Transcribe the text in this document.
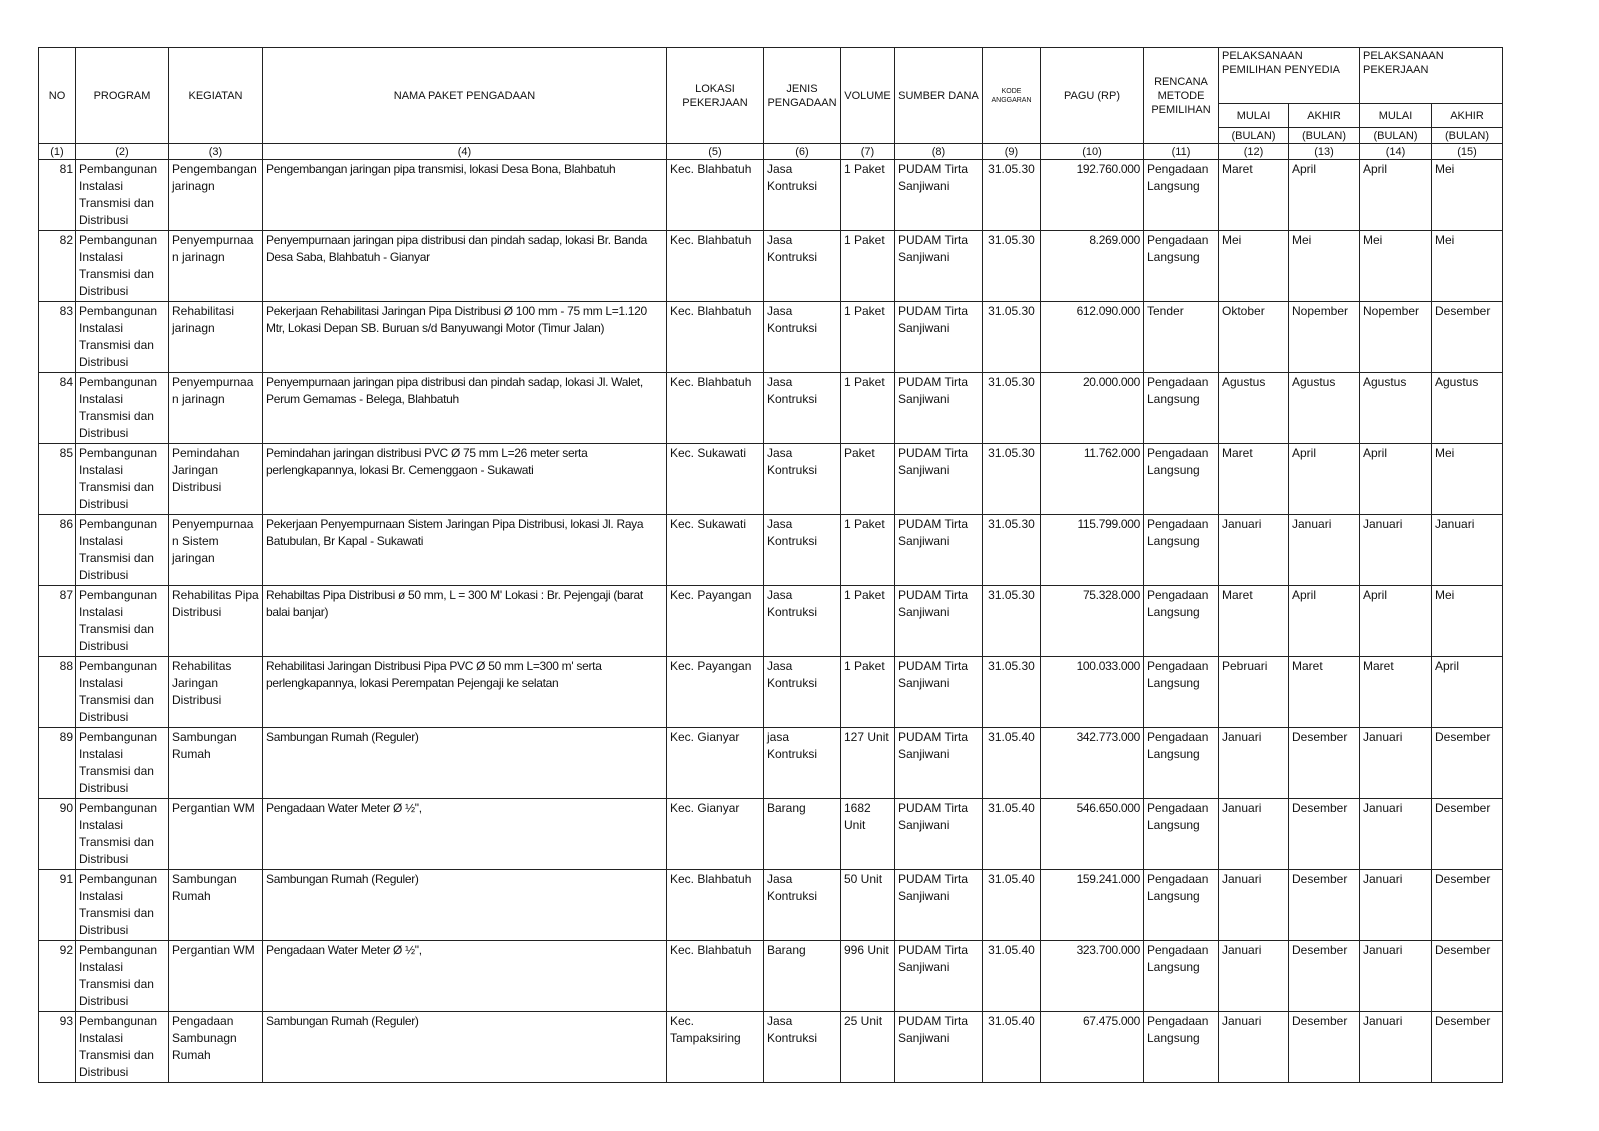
NO	PROGRAM	KEGIATAN	NAMA PAKET PENGADAAN	LOKASI PEKERJAAN	JENIS PENGADAAN	VOLUME	SUMBER DANA	KODE ANGGARAN	PAGU (RP)	RENCANA METODE PEMILIHAN	PELAKSANAAN PEMILIHAN PENYEDIA		PELAKSANAAN PEKERJAAN	
											MULAI	AKHIR	MULAI	AKHIR
											(BULAN)	(BULAN)	(BULAN)	(BULAN)
(1)	(2)	(3)	(4)	(5)	(6)	(7)	(8)	(9)	(10)	(11)	(12)	(13)	(14)	(15)
81	Pembangunan Instalasi Transmisi dan Distribusi	Pengembangan jarinagn	Pengembangan jaringan pipa transmisi, lokasi Desa Bona, Blahbatuh	Kec. Blahbatuh	Jasa Kontruksi	1 Paket	PUDAM Tirta Sanjiwani	31.05.30	192.760.000	Pengadaan Langsung	Maret	April	April	Mei
82	Pembangunan Instalasi Transmisi dan Distribusi	Penyempurnaa n jarinagn	Penyempurnaan jaringan pipa distribusi dan pindah sadap, lokasi Br. Banda Desa Saba, Blahbatuh - Gianyar	Kec. Blahbatuh	Jasa Kontruksi	1 Paket	PUDAM Tirta Sanjiwani	31.05.30	8.269.000	Pengadaan Langsung	Mei	Mei	Mei	Mei
83	Pembangunan Instalasi Transmisi dan Distribusi	Rehabilitasi jarinagn	Pekerjaan Rehabilitasi Jaringan Pipa Distribusi Ø 100 mm - 75 mm L=1.120 Mtr, Lokasi Depan SB. Buruan s/d Banyuwangi Motor (Timur Jalan)	Kec. Blahbatuh	Jasa Kontruksi	1 Paket	PUDAM Tirta Sanjiwani	31.05.30	612.090.000	Tender	Oktober	Nopember	Nopember	Desember
84	Pembangunan Instalasi Transmisi dan Distribusi	Penyempurnaa n jarinagn	Penyempurnaan jaringan pipa distribusi dan pindah sadap, lokasi Jl. Walet, Perum Gemamas - Belega, Blahbatuh	Kec. Blahbatuh	Jasa Kontruksi	1 Paket	PUDAM Tirta Sanjiwani	31.05.30	20.000.000	Pengadaan Langsung	Agustus	Agustus	Agustus	Agustus
85	Pembangunan Instalasi Transmisi dan Distribusi	Pemindahan Jaringan Distribusi	Pemindahan jaringan distribusi PVC Ø 75 mm L=26 meter serta perlengkapannya, lokasi Br. Cemenggaon - Sukawati	Kec. Sukawati	Jasa Kontruksi	Paket	PUDAM Tirta Sanjiwani	31.05.30	11.762.000	Pengadaan Langsung	Maret	April	April	Mei
86	Pembangunan Instalasi Transmisi dan Distribusi	Penyempurnaa n Sistem jaringan	Pekerjaan Penyempurnaan Sistem Jaringan Pipa Distribusi, lokasi Jl. Raya Batubulan, Br Kapal - Sukawati	Kec. Sukawati	Jasa Kontruksi	1 Paket	PUDAM Tirta Sanjiwani	31.05.30	115.799.000	Pengadaan Langsung	Januari	Januari	Januari	Januari
87	Pembangunan Instalasi Transmisi dan Distribusi	Rehabilitas Pipa Distribusi	Rehabiltas Pipa Distribusi ø 50 mm, L = 300 M' Lokasi : Br. Pejengaji (barat balai banjar)	Kec. Payangan	Jasa Kontruksi	1 Paket	PUDAM Tirta Sanjiwani	31.05.30	75.328.000	Pengadaan Langsung	Maret	April	April	Mei
88	Pembangunan Instalasi Transmisi dan Distribusi	Rehabilitas Jaringan Distribusi	Rehabilitasi Jaringan Distribusi Pipa PVC Ø 50 mm L=300 m' serta perlengkapannya, lokasi Perempatan Pejengaji ke selatan	Kec. Payangan	Jasa Kontruksi	1 Paket	PUDAM Tirta Sanjiwani	31.05.30	100.033.000	Pengadaan Langsung	Pebruari	Maret	Maret	April
89	Pembangunan Instalasi Transmisi dan Distribusi	Sambungan Rumah	Sambungan Rumah (Reguler)	Kec. Gianyar	jasa Kontruksi	127 Unit	PUDAM Tirta Sanjiwani	31.05.40	342.773.000	Pengadaan Langsung	Januari	Desember	Januari	Desember
90	Pembangunan Instalasi Transmisi dan Distribusi	Pergantian WM	Pengadaan Water Meter Ø ½",	Kec. Gianyar	Barang	1682 Unit	PUDAM Tirta Sanjiwani	31.05.40	546.650.000	Pengadaan Langsung	Januari	Desember	Januari	Desember
91	Pembangunan Instalasi Transmisi dan Distribusi	Sambungan Rumah	Sambungan Rumah (Reguler)	Kec. Blahbatuh	Jasa Kontruksi	50 Unit	PUDAM Tirta Sanjiwani	31.05.40	159.241.000	Pengadaan Langsung	Januari	Desember	Januari	Desember
92	Pembangunan Instalasi Transmisi dan Distribusi	Pergantian WM	Pengadaan Water Meter Ø ½",	Kec. Blahbatuh	Barang	996 Unit	PUDAM Tirta Sanjiwani	31.05.40	323.700.000	Pengadaan Langsung	Januari	Desember	Januari	Desember
93	Pembangunan Instalasi Transmisi dan Distribusi	Pengadaan Sambunagn Rumah	Sambungan Rumah (Reguler)	Kec. Tampaksiring	Jasa Kontruksi	25 Unit	PUDAM Tirta Sanjiwani	31.05.40	67.475.000	Pengadaan Langsung	Januari	Desember	Januari	Desember
